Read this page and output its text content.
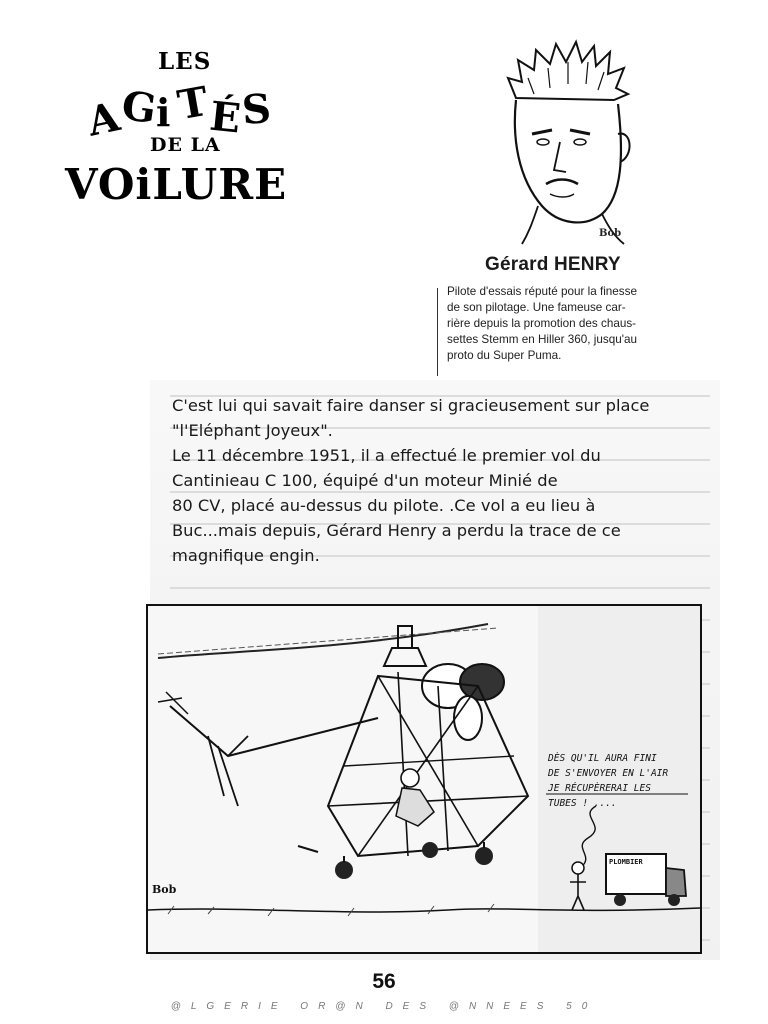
LES
A
G
i T
É
S
DE LA
VOiLURE
Bob
Gérard HENRY
Pilote d'essais réputé pour la finesse
de son pilotage. Une fameuse car-
rière depuis la promotion des chaus-
settes Stemm en Hiller 360, jusqu'au
proto du Super Puma.
C'est lui qui savait faire danser si gracieusement sur place
"l'Eléphant Joyeux".
Le 11 décembre 1951, il a effectué le premier vol du
Cantinieau C 100, équipé d'un moteur Minié de
80 CV, placé au-dessus du pilote. .Ce vol a eu lieu à
Buc...mais depuis, Gérard Henry a perdu la trace de ce
magnifique engin.
DÈS QU'IL AURA FINI
DE S'ENVOYER EN L'AIR
JE RÉCUPÈRERAI LES
TUBES ! ....
PLOMBIER
Bob
56
@LGERIE OR@N DES @NNEES 50
